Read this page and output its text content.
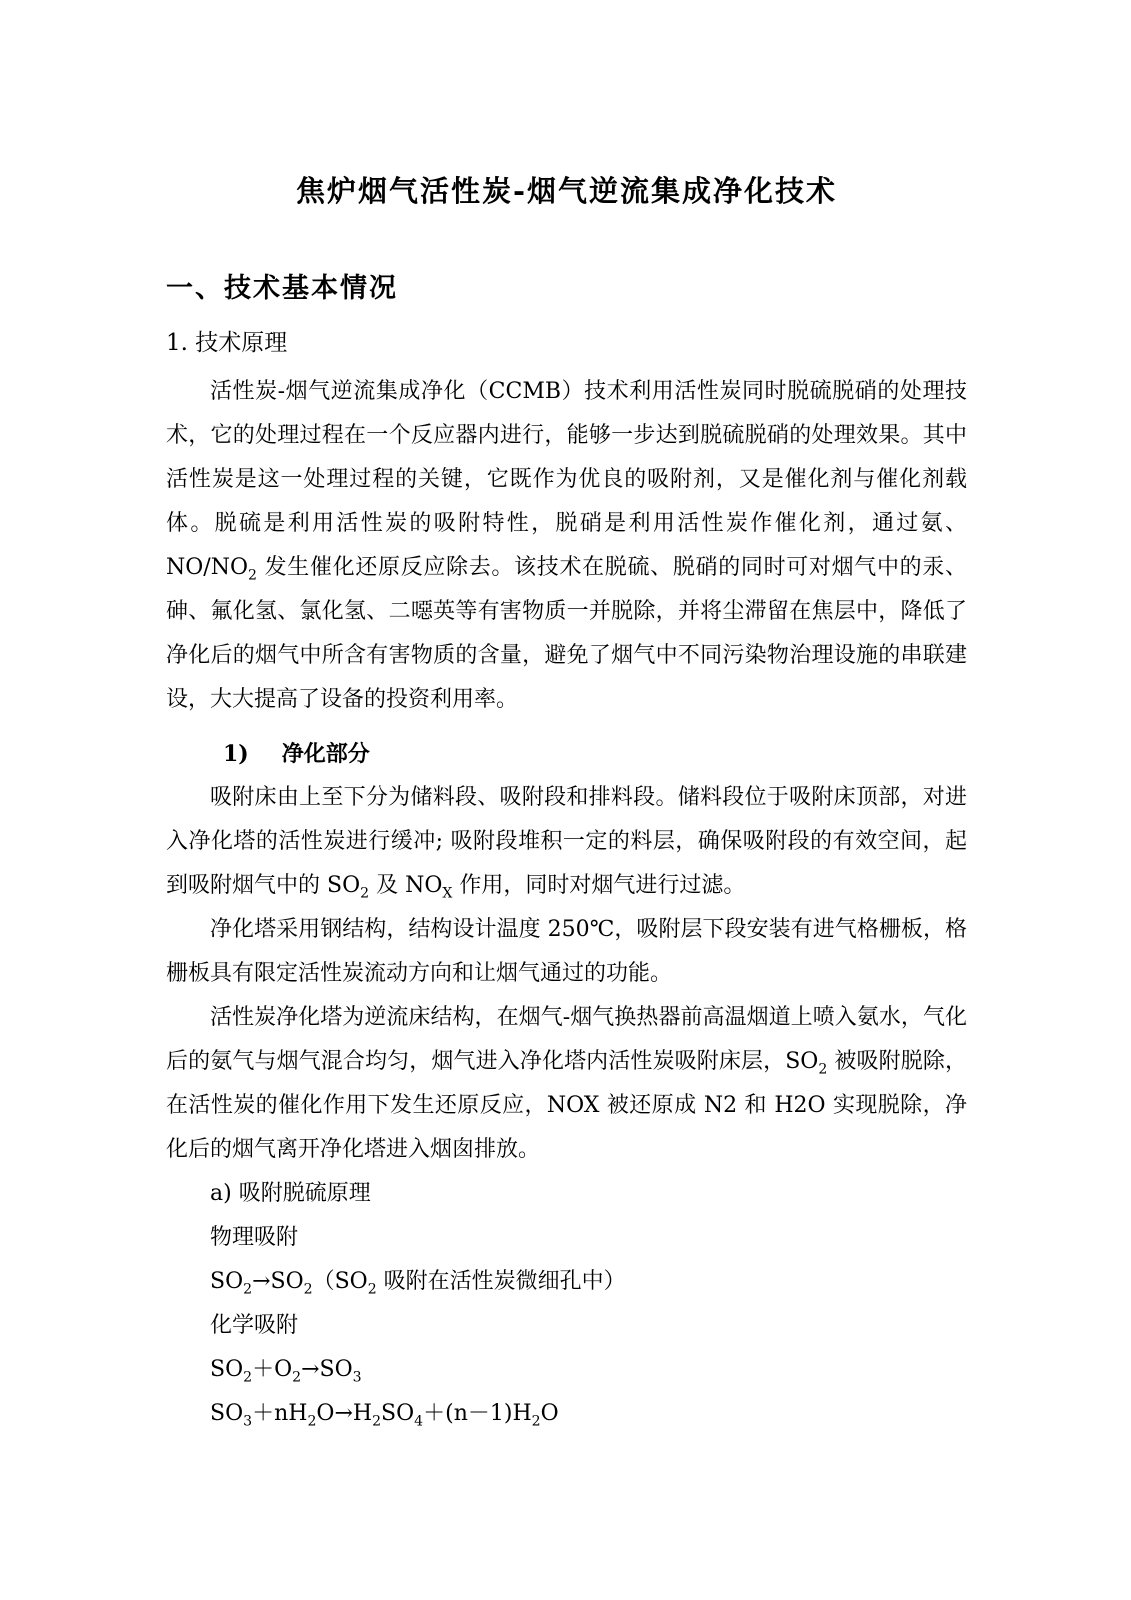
焦炉烟气活性炭-烟气逆流集成净化技术
一、技术基本情况
1. 技术原理

活性炭-烟气逆流集成净化（CCMB）技术利用活性炭同时脱硫脱硝的处理技术，它的处理过程在一个反应器内进行，能够一步达到脱硫脱硝的处理效果。其中活性炭是这一处理过程的关键，它既作为优良的吸附剂，又是催化剂与催化剂载体。脱硫是利用活性炭的吸附特性，脱硝是利用活性炭作催化剂，通过氨、$NO/NO_2$ 发生催化还原反应除去。该技术在脱硫、脱硝的同时可对烟气中的汞、砷、氟化氢、氯化氢、二噁英等有害物质一并脱除，并将尘滞留在焦层中，降低了净化后的烟气中所含有害物质的含量，避免了烟气中不同污染物治理设施的串联建设，大大提高了设备的投资利用率。

1) 净化部分

吸附床由上至下分为储料段、吸附段和排料段。储料段位于吸附床顶部，对进入净化塔的活性炭进行缓冲; 吸附段堆积一定的料层，确保吸附段的有效空间，起到吸附烟气中的 $SO_2$ 及 $NO_X$ 作用，同时对烟气进行过滤。

净化塔采用钢结构，结构设计温度 250℃，吸附层下段安装有进气格栅板，格栅板具有限定活性炭流动方向和让烟气通过的功能。

活性炭净化塔为逆流床结构，在烟气-烟气换热器前高温烟道上喷入氨水，气化后的氨气与烟气混合均匀，烟气进入净化塔内活性炭吸附床层，$SO_2$ 被吸附脱除，在活性炭的催化作用下发生还原反应，NOX 被还原成 N2 和 H2O 实现脱除，净化后的烟气离开净化塔进入烟囱排放。

a) 吸附脱硫原理

物理吸附

$SO_2\to SO_2(SO_2$ 吸附在活性炭微细孔中）

化学吸附

$SO_2+O_2\to SO_3$

$SO_3+nH_2O\to H_2SO_4+(n-1)H_2O$
